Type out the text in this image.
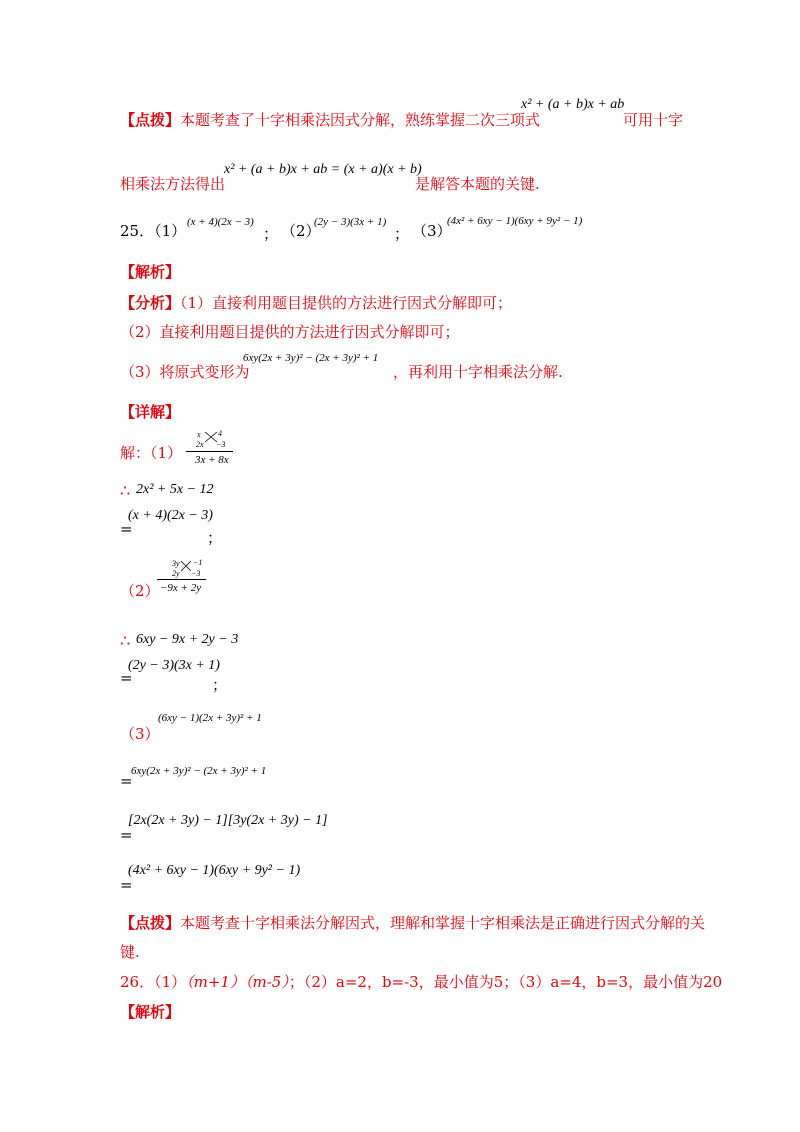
【点拨】本题考查了十字相乘法因式分解，熟练掌握二次三项式
x² + (a + b)x + ab
可用十字
相乘法方法得出
x² + (a + b)x + ab = (x + a)(x + b)
是解答本题的关键.
25．（1） (x + 4)(2x − 3)
； （2）
(2y − 3)(3x + 1)
； （3）
(4x² + 6xy − 1)(6xy + 9y² − 1)
【解析】
【分析】（1）直接利用题目提供的方法进行因式分解即可；
（2）直接利用题目提供的方法进行因式分解即可；
（3）将原式变形为
6xy(2x + 3y)² − (2x + 3y)² + 1
，再利用十字相乘法分解.
【详解】
解：（1）
x 4
2x −3
3x + 8x
∴ 2x² + 5x − 12
=
(x + 4)(2x − 3)
；
3y −1
2y −3
（2） −9x + 2y
∴ 6xy − 9x + 2y − 3
=
(2y − 3)(3x + 1)
；
（3）
(6xy − 1)(2x + 3y)² + 1
=
6xy(2x + 3y)² − (2x + 3y)² + 1
=
[2x(2x + 3y) − 1][3y(2x + 3y) − 1]
=
(4x² + 6xy − 1)(6xy + 9y² − 1)
【点拨】本题考查十字相乘法分解因式，理解和掌握十字相乘法是正确进行因式分解的关
键.
26．（1）（m+1）（m-5）；（2）a=2，b=-3，最小值为5；（3）a=4，b=3，最小值为20
【解析】
